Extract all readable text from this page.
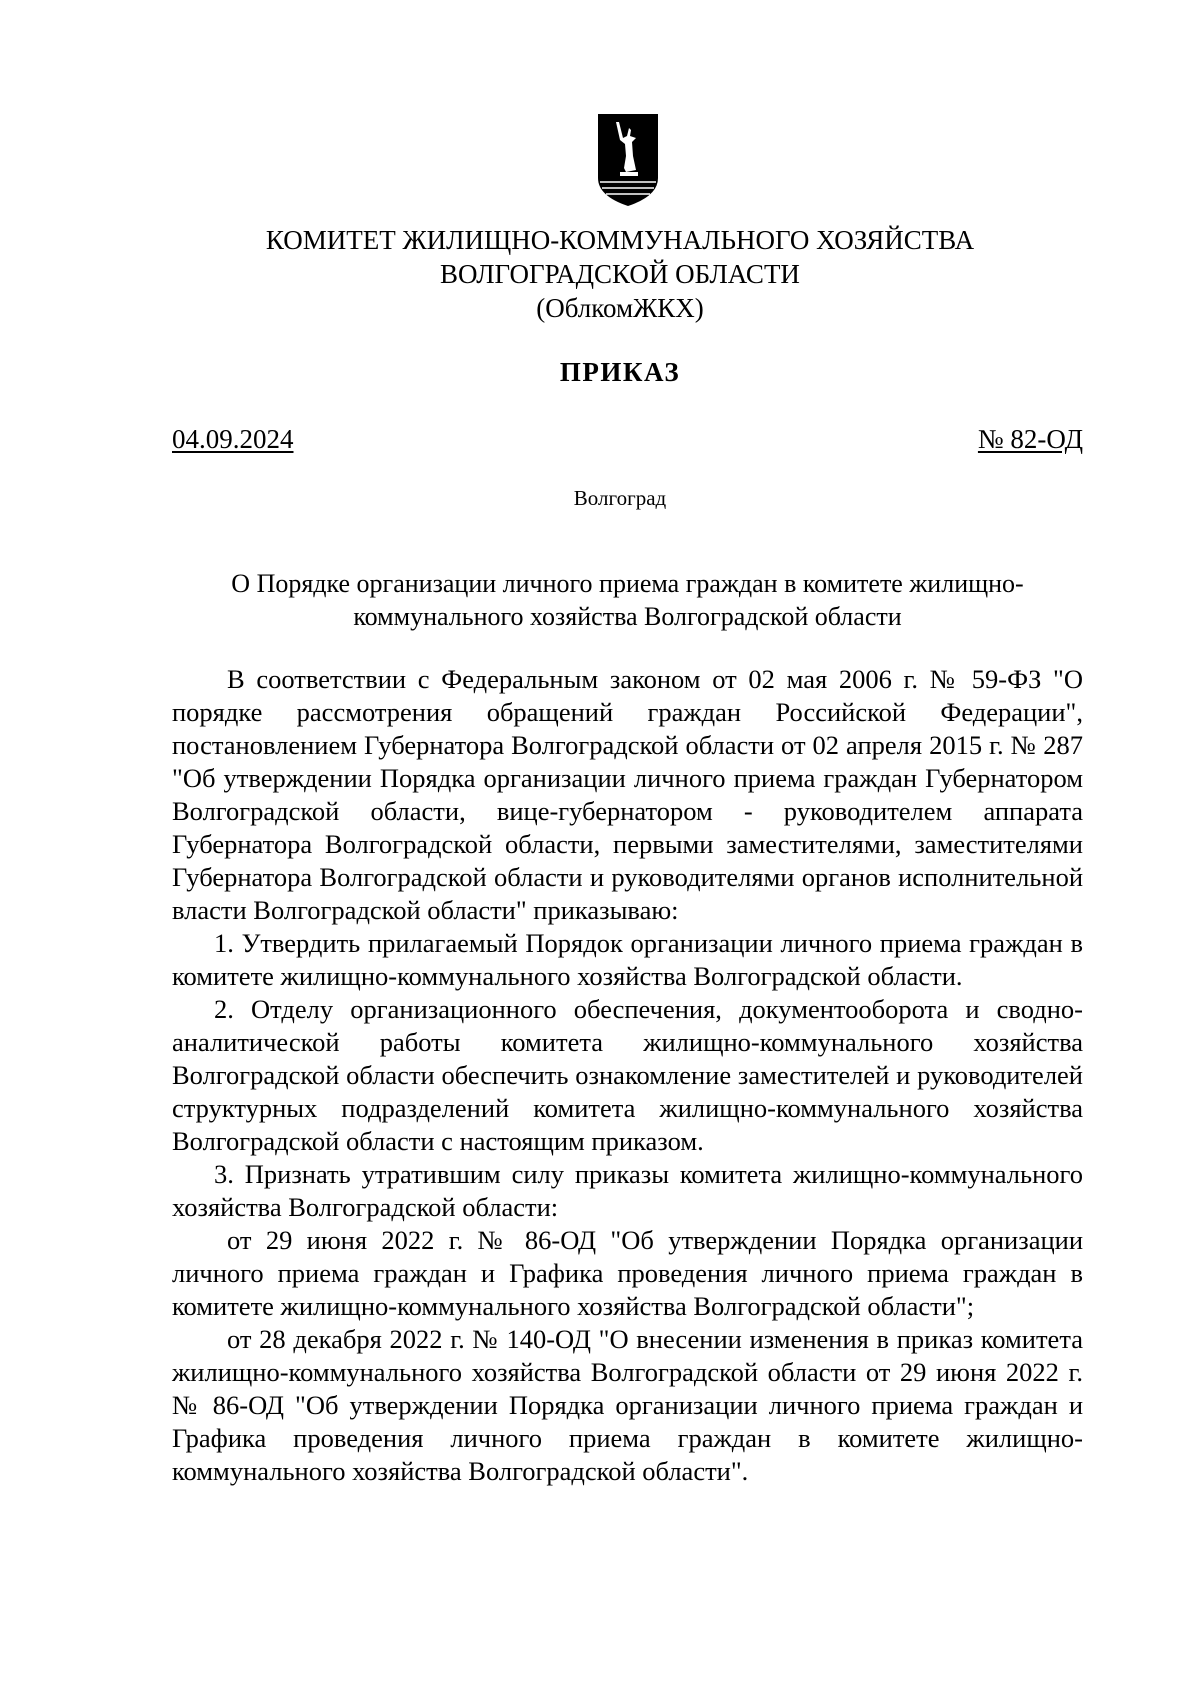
КОМИТЕТ ЖИЛИЩНО-КОММУНАЛЬНОГО ХОЗЯЙСТВА
ВОЛГОГРАДСКОЙ ОБЛАСТИ
(ОблкомЖКХ)
ПРИКАЗ
04.09.2024	№ 82-ОД
Волгоград
О Порядке организации личного приема граждан в комитете жилищно-
коммунального хозяйства Волгоградской области

В соответствии с Федеральным законом от 02 мая 2006 г. № 59-ФЗ "О порядке рассмотрения обращений граждан Российской Федерации", постановлением Губернатора Волгоградской области от 02 апреля 2015 г. № 287 "Об утверждении Порядка организации личного приема граждан Губернатором Волгоградской области, вице-губернатором - руководителем аппарата Губернатора Волгоградской области, первыми заместителями, заместителями Губернатора Волгоградской области и руководителями органов исполнительной власти Волгоградской области" приказываю:

1. Утвердить прилагаемый Порядок организации личного приема граждан в комитете жилищно-коммунального хозяйства Волгоградской области.

2. Отделу организационного обеспечения, документооборота и сводно-аналитической работы комитета жилищно-коммунального хозяйства Волгоградской области обеспечить ознакомление заместителей и руководителей структурных подразделений комитета жилищно-коммунального хозяйства Волгоградской области с настоящим приказом.

3. Признать утратившим силу приказы комитета жилищно-коммунального хозяйства Волгоградской области:

от 29 июня 2022 г. № 86-ОД "Об утверждении Порядка организации личного приема граждан и Графика проведения личного приема граждан в комитете жилищно-коммунального хозяйства Волгоградской области";

от 28 декабря 2022 г. № 140-ОД "О внесении изменения в приказ комитета жилищно-коммунального хозяйства Волгоградской области от 29 июня 2022 г. № 86-ОД "Об утверждении Порядка организации личного приема граждан и Графика проведения личного приема граждан в комитете жилищно-коммунального хозяйства Волгоградской области".
